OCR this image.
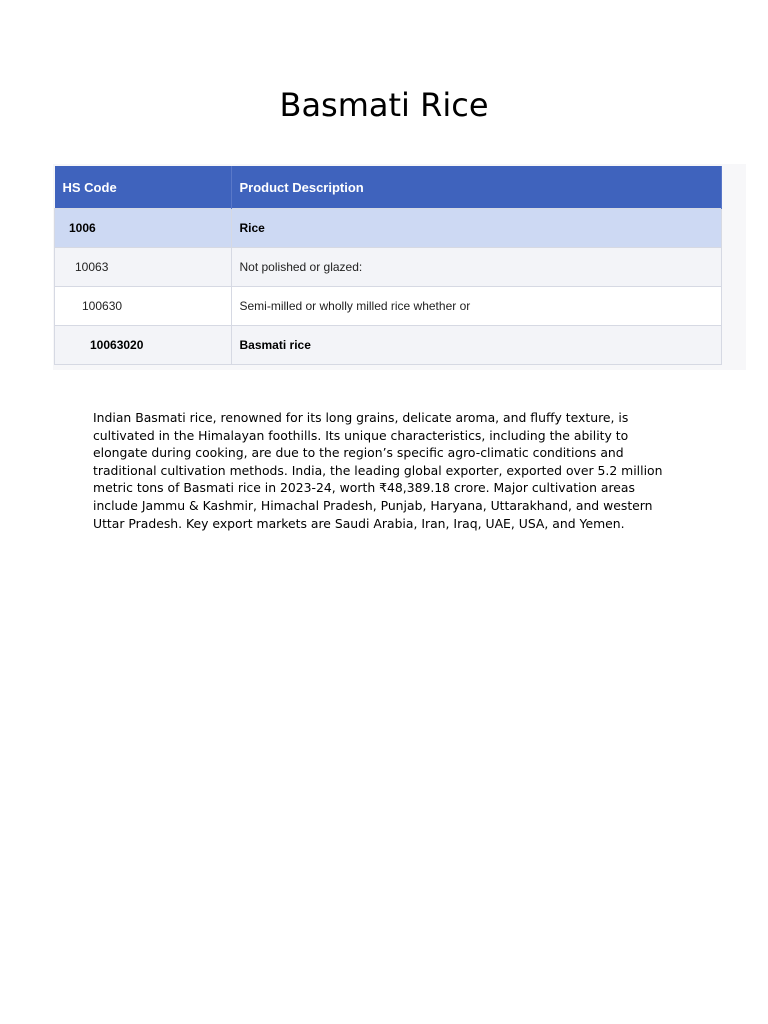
Basmati Rice
HS Code	Product Description
1006	Rice
10063	Not polished or glazed:
100630	Semi-milled or wholly milled rice whether or
10063020	Basmati rice

Indian Basmati rice, renowned for its long grains, delicate aroma, and fluffy texture, is cultivated in the Himalayan foothills. Its unique characteristics, including the ability to elongate during cooking, are due to the region’s specific agro-climatic conditions and traditional cultivation methods. India, the leading global exporter, exported over 5.2 million metric tons of Basmati rice in 2023-24, worth ₹48,389.18 crore. Major cultivation areas include Jammu & Kashmir, Himachal Pradesh, Punjab, Haryana, Uttarakhand, and western Uttar Pradesh. Key export markets are Saudi Arabia, Iran, Iraq, UAE, USA, and Yemen.
